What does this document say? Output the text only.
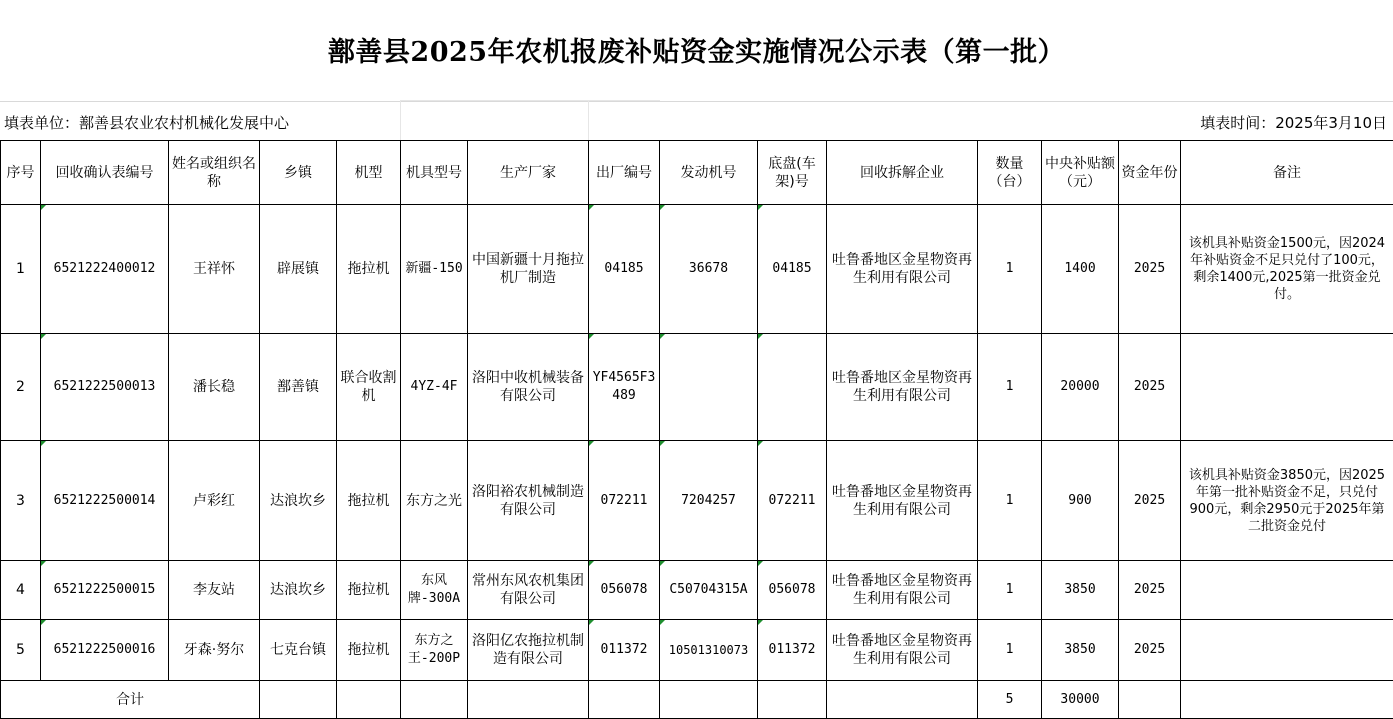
鄯善县2025年农机报废补贴资金实施情况公示表（第一批）
填表单位：鄯善县农业农村机械化发展中心	填表时间：2025年3月10日
序号	回收确认表编号	姓名或组织名称	乡镇	机型	机具型号	生产厂家	出厂编号	发动机号	底盘(车架)号	回收拆解企业	数量（台）	中央补贴额（元）	资金年份	备注
1	6521222400012	王祥怀	辟展镇	拖拉机	新疆-150	中国新疆十月拖拉机厂制造	04185	36678	04185	吐鲁番地区金星物资再生利用有限公司	1	1400	2025	该机具补贴资金1500元，因2024年补贴资金不足只兑付了100元，剩余1400元,2025第一批资金兑付。
2	6521222500013	潘长稳	鄯善镇	联合收割机	4YZ-4F	洛阳中收机械装备有限公司	YF4565F3489			吐鲁番地区金星物资再生利用有限公司	1	20000	2025	
3	6521222500014	卢彩红	达浪坎乡	拖拉机	东方之光	洛阳裕农机械制造有限公司	072211	7204257	072211	吐鲁番地区金星物资再生利用有限公司	1	900	2025	该机具补贴资金3850元，因2025年第一批补贴资金不足，只兑付900元，剩余2950元于2025年第二批资金兑付
4	6521222500015	李友站	达浪坎乡	拖拉机	东风牌-300A	常州东风农机集团有限公司	056078	C50704315A	056078	吐鲁番地区金星物资再生利用有限公司	1	3850	2025	
5	6521222500016	牙森·努尔	七克台镇	拖拉机	东方之王-200P	洛阳亿农拖拉机制造有限公司	011372	10501310073	011372	吐鲁番地区金星物资再生利用有限公司	1	3850	2025	
合计											5	30000		
